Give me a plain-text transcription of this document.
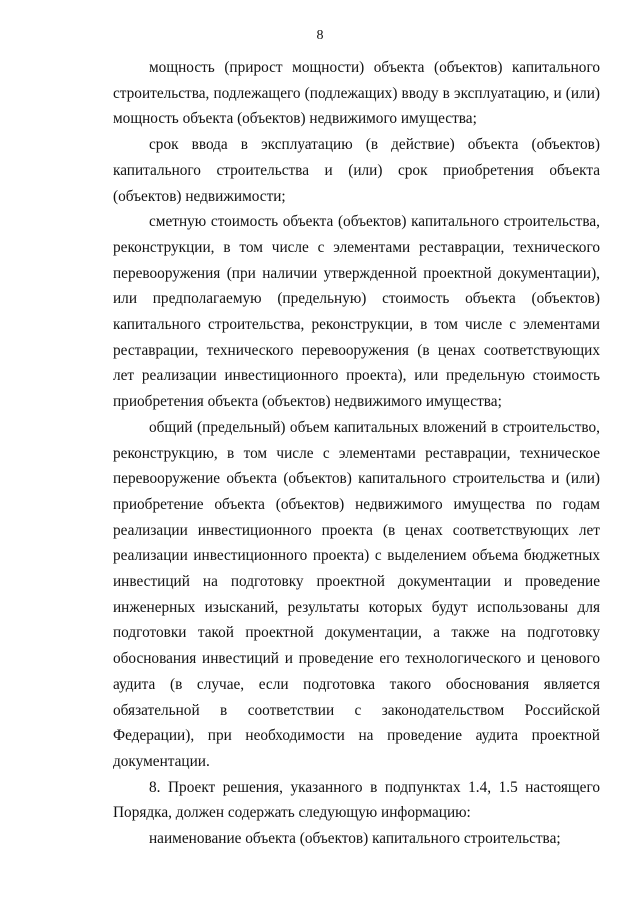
8

мощность (прирост мощности) объекта (объектов) капитального строительства, подлежащего (подлежащих) вводу в эксплуатацию, и (или) мощность объекта (объектов) недвижимого имущества;

срок ввода в эксплуатацию (в действие) объекта (объектов) капитального строительства и (или) срок приобретения объекта (объектов) недвижимости;

сметную стоимость объекта (объектов) капитального строительства, реконструкции, в том числе с элементами реставрации, технического перевооружения (при наличии утвержденной проектной документации), или предполагаемую (предельную) стоимость объекта (объектов) капитального строительства, реконструкции, в том числе с элементами реставрации, технического перевооружения (в ценах соответствующих лет реализации инвестиционного проекта), или предельную стоимость приобретения объекта (объектов) недвижимого имущества;

общий (предельный) объем капитальных вложений в строительство, реконструкцию, в том числе с элементами реставрации, техническое перевооружение объекта (объектов) капитального строительства и (или) приобретение объекта (объектов) недвижимого имущества по годам реализации инвестиционного проекта (в ценах соответствующих лет реализации инвестиционного проекта) с выделением объема бюджетных инвестиций на подготовку проектной документации и проведение инженерных изысканий, результаты которых будут использованы для подготовки такой проектной документации, а также на подготовку обоснования инвестиций и проведение его технологического и ценового аудита (в случае, если подготовка такого обоснования является обязательной в соответствии с законодательством Российской Федерации), при необходимости на проведение аудита проектной документации.

8. Проект решения, указанного в подпунктах 1.4, 1.5 настоящего Порядка, должен содержать следующую информацию:

наименование объекта (объектов) капитального строительства;
